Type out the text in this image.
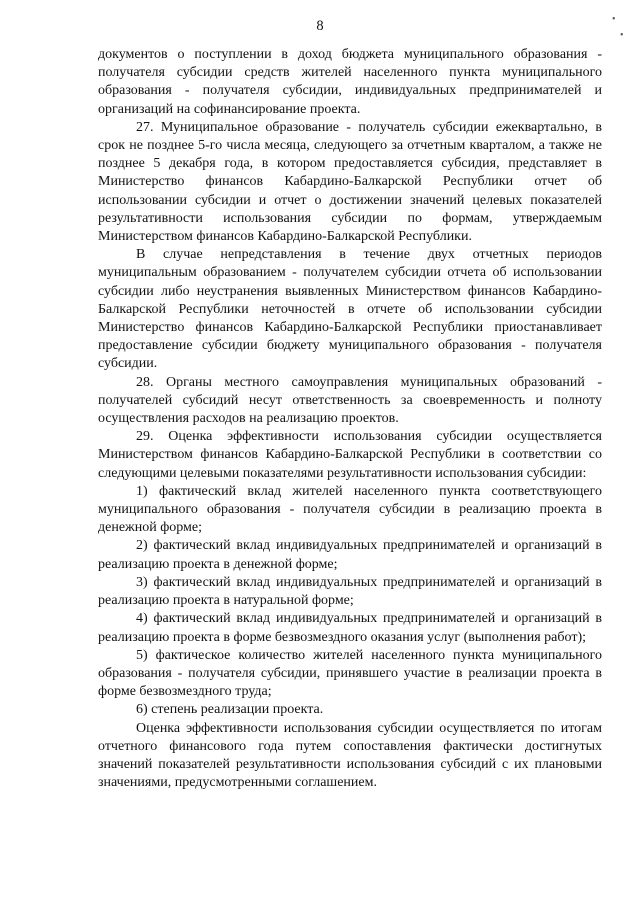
8	•
•

документов о поступлении в доход бюджета муниципального образования - получателя субсидии средств жителей населенного пункта муниципального образования - получателя субсидии, индивидуальных предпринимателей и организаций на софинансирование проекта.

27. Муниципальное образование - получатель субсидии ежеквартально, в срок не позднее 5-го числа месяца, следующего за отчетным кварталом, а также не позднее 5 декабря года, в котором предоставляется субсидия, представляет в Министерство финансов Кабардино-Балкарской Республики отчет об использовании субсидии и отчет о достижении значений целевых показателей результативности использования субсидии по формам, утверждаемым Министерством финансов Кабардино-Балкарской Республики.

В случае непредставления в течение двух отчетных периодов муниципальным образованием - получателем субсидии отчета об использовании субсидии либо неустранения выявленных Министерством финансов Кабардино-Балкарской Республики неточностей в отчете об использовании субсидии Министерство финансов Кабардино-Балкарской Республики приостанавливает предоставление субсидии бюджету муниципального образования - получателя субсидии.

28. Органы местного самоуправления муниципальных образований - получателей субсидий несут ответственность за своевременность и полноту осуществления расходов на реализацию проектов.

29. Оценка эффективности использования субсидии осуществляется Министерством финансов Кабардино-Балкарской Республики в соответствии со следующими целевыми показателями результативности использования субсидии:

1) фактический вклад жителей населенного пункта соответствующего муниципального образования - получателя субсидии в реализацию проекта в денежной форме;

2) фактический вклад индивидуальных предпринимателей и организаций в реализацию проекта в денежной форме;

3) фактический вклад индивидуальных предпринимателей и организаций в реализацию проекта в натуральной форме;

4) фактический вклад индивидуальных предпринимателей и организаций в реализацию проекта в форме безвозмездного оказания услуг (выполнения работ);

5) фактическое количество жителей населенного пункта муниципального образования - получателя субсидии, принявшего участие в реализации проекта в форме безвозмездного труда;

6) степень реализации проекта.

Оценка эффективности использования субсидии осуществляется по итогам отчетного финансового года путем сопоставления фактически достигнутых значений показателей результативности использования субсидий с их плановыми значениями, предусмотренными соглашением.
